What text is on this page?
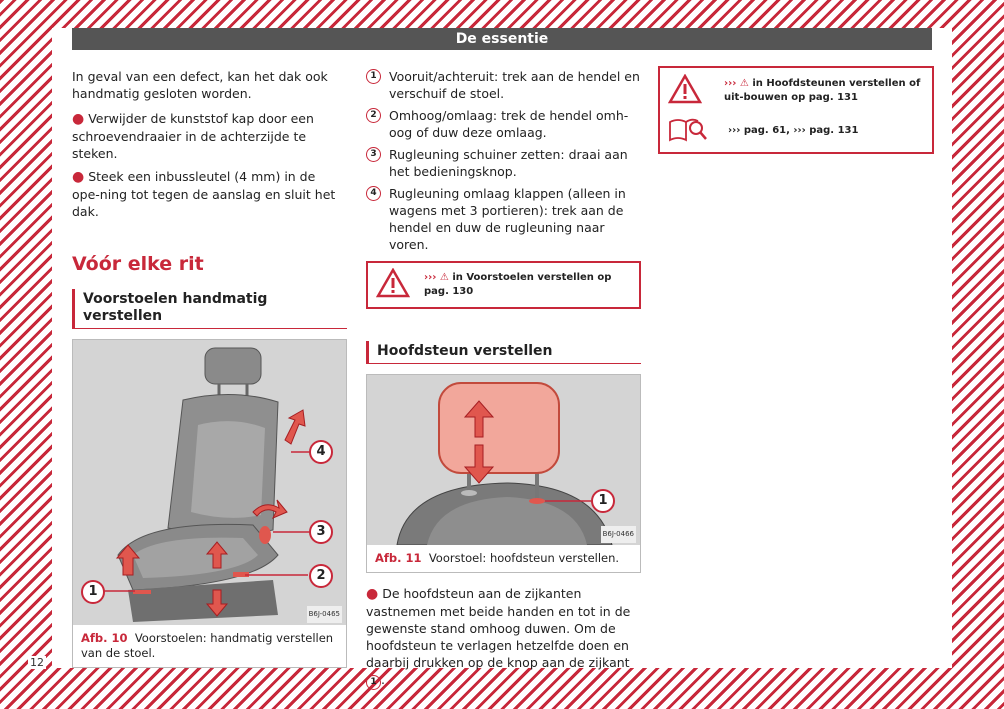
De essentie

In geval van een defect, kan het dak ook handmatig gesloten worden.

● Verwijder de kunststof kap door een schroevendraaier in de achterzijde te steken.
● Steek een inbussleutel (4 mm) in de ope-ning tot tegen de aanslag en sluit het dak.
Vóór elke rit
Voorstoelen handmatig verstellen
1
2
3
4
B6J-0465
Afb. 10 Voorstoelen: handmatig verstellen van de stoel.
1 Vooruit/achteruit: trek aan de hendel en verschuif de stoel.
2 Omhoog/omlaag: trek de hendel omh-oog of duw deze omlaag.
3 Rugleuning schuiner zetten: draai aan het bedieningsknop.
4 Rugleuning omlaag klappen (alleen in wagens met 3 portieren): trek aan de hendel en duw de rugleuning naar voren.
››› ⚠ in Voorstoelen verstellen op
pag. 130
Hoofdsteun verstellen
1
B6J-0466
Afb. 11 Voorstoel: hoofdsteun verstellen.

● De hoofdsteun aan de zijkanten vastnemen met beide handen en tot in de gewenste stand omhoog duwen. Om de hoofdsteun te verlagen hetzelfde doen en daarbij drukken op de knop aan de zijkant 1 .

››› ⚠ in Hoofdsteunen verstellen of uit-bouwen op pag. 131
››› pag. 61, ››› pag. 131
12
